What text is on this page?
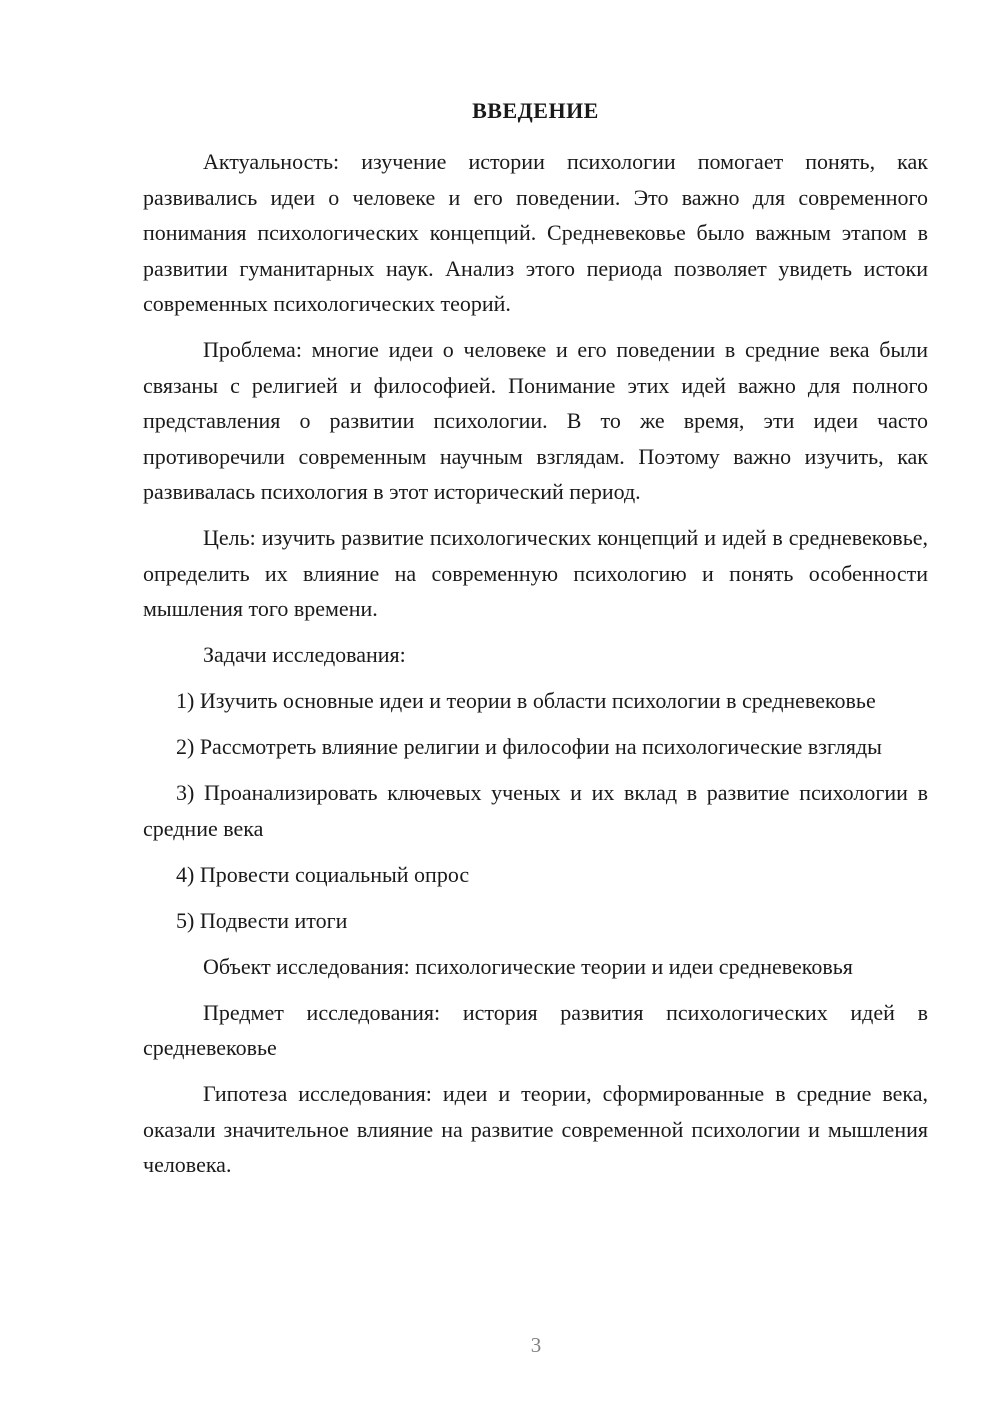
ВВЕДЕНИЕ

Актуальность: изучение истории психологии помогает понять, как развивались идеи о человеке и его поведении. Это важно для современного понимания психологических концепций. Средневековье было важным этапом в развитии гуманитарных наук. Анализ этого периода позволяет увидеть истоки современных психологических теорий.

Проблема: многие идеи о человеке и его поведении в средние века были связаны с религией и философией. Понимание этих идей важно для полного представления о развитии психологии. В то же время, эти идеи часто противоречили современным научным взглядам. Поэтому важно изучить, как развивалась психология в этот исторический период.

Цель: изучить развитие психологических концепций и идей в средневековье, определить их влияние на современную психологию и понять особенности мышления того времени.

Задачи исследования:

1) Изучить основные идеи и теории в области психологии в средневековье

2) Рассмотреть влияние религии и философии на психологические взгляды

3) Проанализировать ключевых ученых и их вклад в развитие психологии в средние века

4) Провести социальный опрос

5) Подвести итоги

Объект исследования: психологические теории и идеи средневековья

Предмет исследования: история развития психологических идей в средневековье

Гипотеза исследования: идеи и теории, сформированные в средние века, оказали значительное влияние на развитие современной психологии и мышления человека.

3
